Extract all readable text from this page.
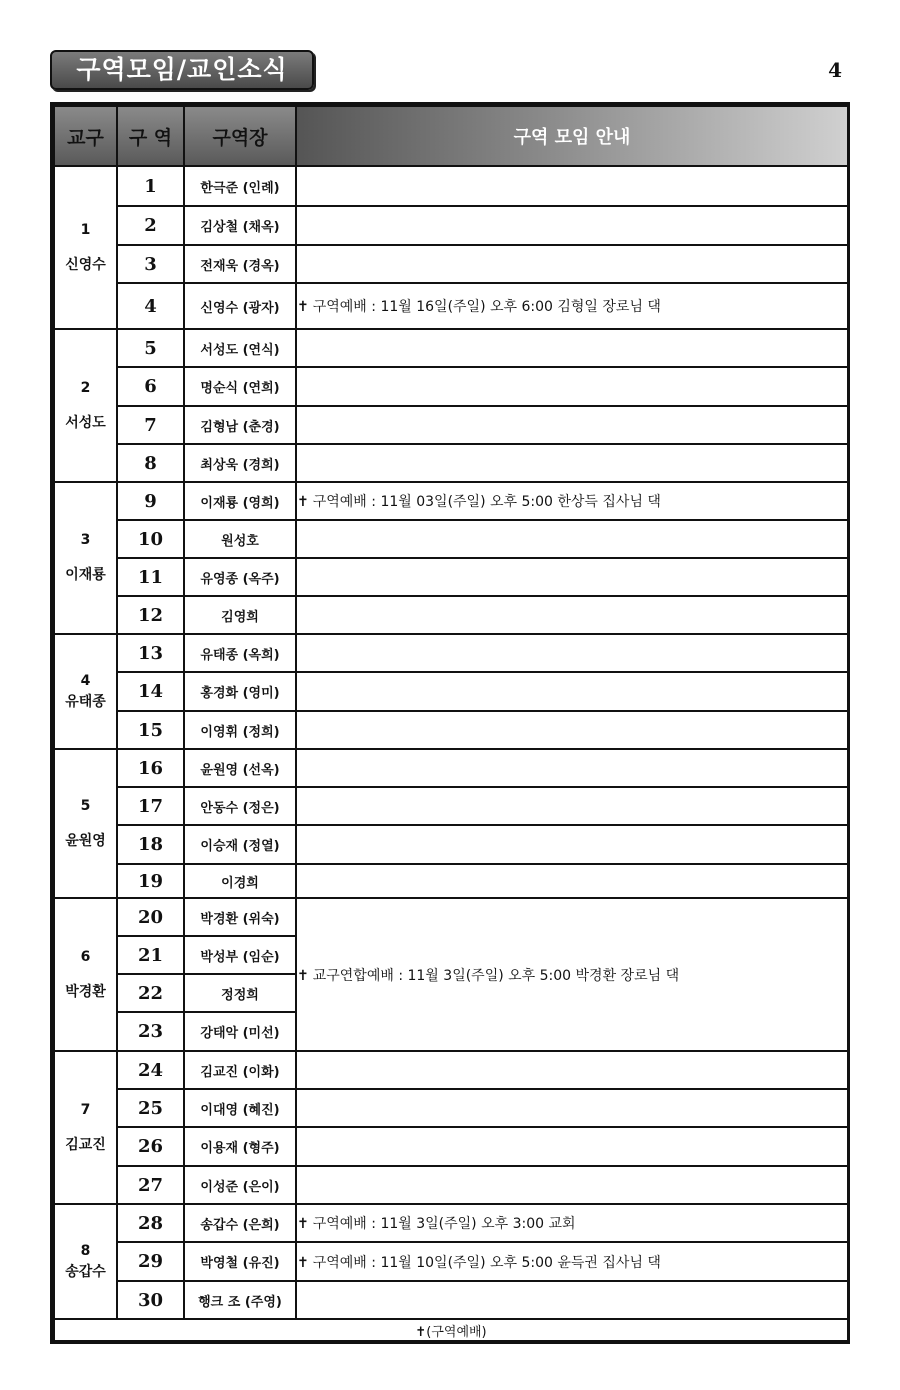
구역모임/교인소식	4
교구	구 역	구역장	구역 모임 안내

1
신영수	1	한극준 (인례)	
	2	김상철 (채옥)	
	3	전재욱 (경옥)	
	4	신영수 (광자)	✝ 구역예배 : 11월 16일(주일) 오후 6:00 김형일 장로님 댁

2
서성도	5	서성도 (연식)	
	6	명순식 (연희)	
	7	김형남 (춘경)	
	8	최상욱 (경희)	

3
이재룡	9	이재룡 (영희)	✝ 구역예배 : 11월 03일(주일) 오후 5:00 한상득 집사님 댁
	10	원성호	
	11	유영종 (옥주)	
	12	김영희	

4
유태종	13	유태종 (옥희)	
	14	홍경화 (영미)	
	15	이영휘 (정희)	

5
윤원영	16	윤원영 (선옥)	
	17	안동수 (정은)	
	18	이승재 (정열)	
	19	이경희	

6
박경환	20	박경환 (위숙)	✝ 교구연합예배 : 11월 3일(주일) 오후 5:00 박경환 장로님 댁
	21	박성부 (임순)	
	22	정정희	
	23	강태악 (미선)	

7
김교진	24	김교진 (이화)	
	25	이대영 (혜진)	
	26	이용재 (형주)	
	27	이성준 (은이)	

8
송갑수	28	송갑수 (은희)	✝ 구역예배 : 11월 3일(주일) 오후 3:00 교회
	29	박영철 (유진)	✝ 구역예배 : 11월 10일(주일) 오후 5:00 윤득권 집사님 댁
	30	행크 조 (주영)	
✝(구역예배)			
